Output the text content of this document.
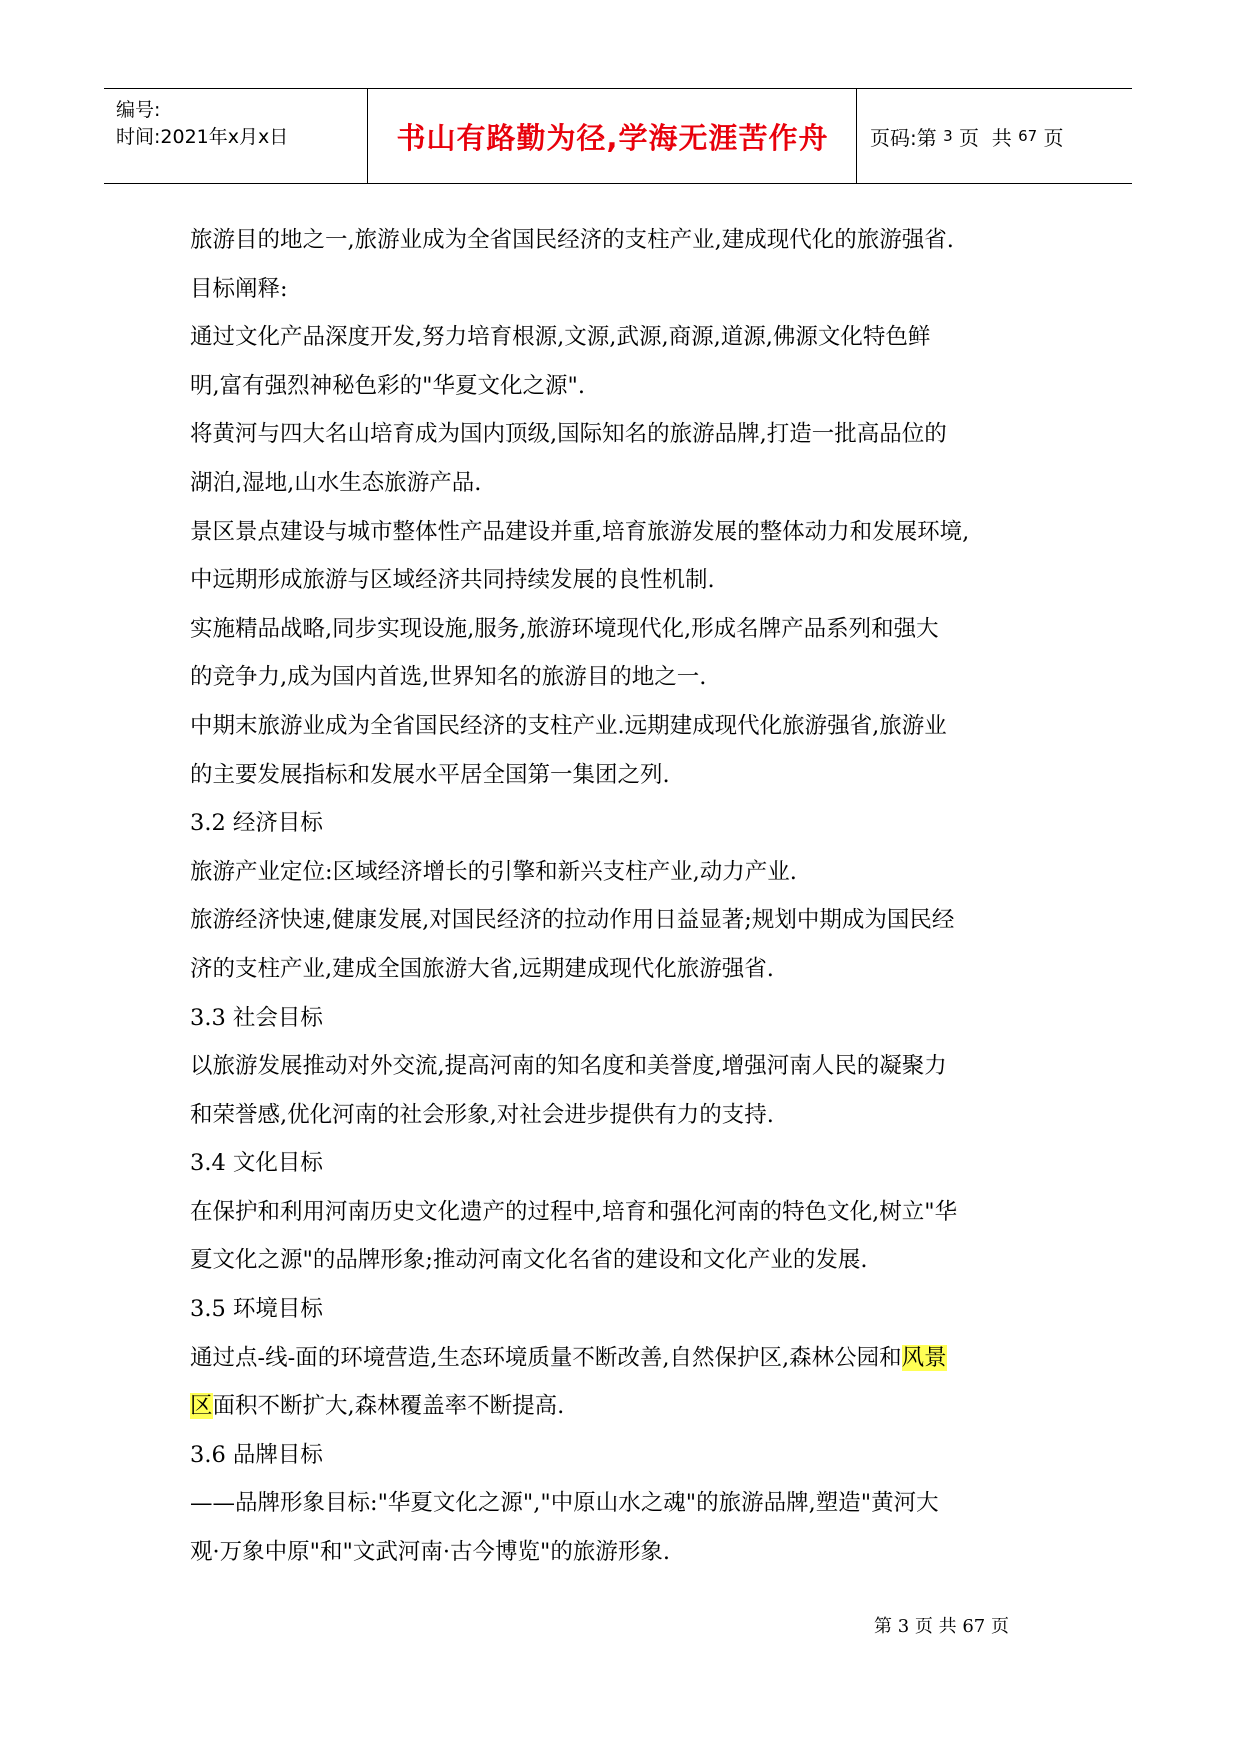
编号:
时间:2021年x月x日	书山有路勤为径,学海无涯苦作舟	页码:第 3 页  共 67 页

旅游目的地之一,旅游业成为全省国民经济的支柱产业,建成现代化的旅游强省.

目标阐释:

通过文化产品深度开发,努力培育根源,文源,武源,商源,道源,佛源文化特色鲜

明,富有强烈神秘色彩的"华夏文化之源".

将黄河与四大名山培育成为国内顶级,国际知名的旅游品牌,打造一批高品位的

湖泊,湿地,山水生态旅游产品.

景区景点建设与城市整体性产品建设并重,培育旅游发展的整体动力和发展环境,

中远期形成旅游与区域经济共同持续发展的良性机制.

实施精品战略,同步实现设施,服务,旅游环境现代化,形成名牌产品系列和强大

的竞争力,成为国内首选,世界知名的旅游目的地之一.

中期末旅游业成为全省国民经济的支柱产业.远期建成现代化旅游强省,旅游业

的主要发展指标和发展水平居全国第一集团之列.

3.2 经济目标

旅游产业定位:区域经济增长的引擎和新兴支柱产业,动力产业.

旅游经济快速,健康发展,对国民经济的拉动作用日益显著;规划中期成为国民经

济的支柱产业,建成全国旅游大省,远期建成现代化旅游强省.

3.3 社会目标

以旅游发展推动对外交流,提高河南的知名度和美誉度,增强河南人民的凝聚力

和荣誉感,优化河南的社会形象,对社会进步提供有力的支持.

3.4 文化目标

在保护和利用河南历史文化遗产的过程中,培育和强化河南的特色文化,树立"华

夏文化之源"的品牌形象;推动河南文化名省的建设和文化产业的发展.

3.5 环境目标

通过点-线-面的环境营造,生态环境质量不断改善,自然保护区,森林公园和风景

区面积不断扩大,森林覆盖率不断提高.

3.6 品牌目标

——品牌形象目标:"华夏文化之源","中原山水之魂"的旅游品牌,塑造"黄河大

观·万象中原"和"文武河南·古今博览"的旅游形象.

第 3 页 共 67 页
